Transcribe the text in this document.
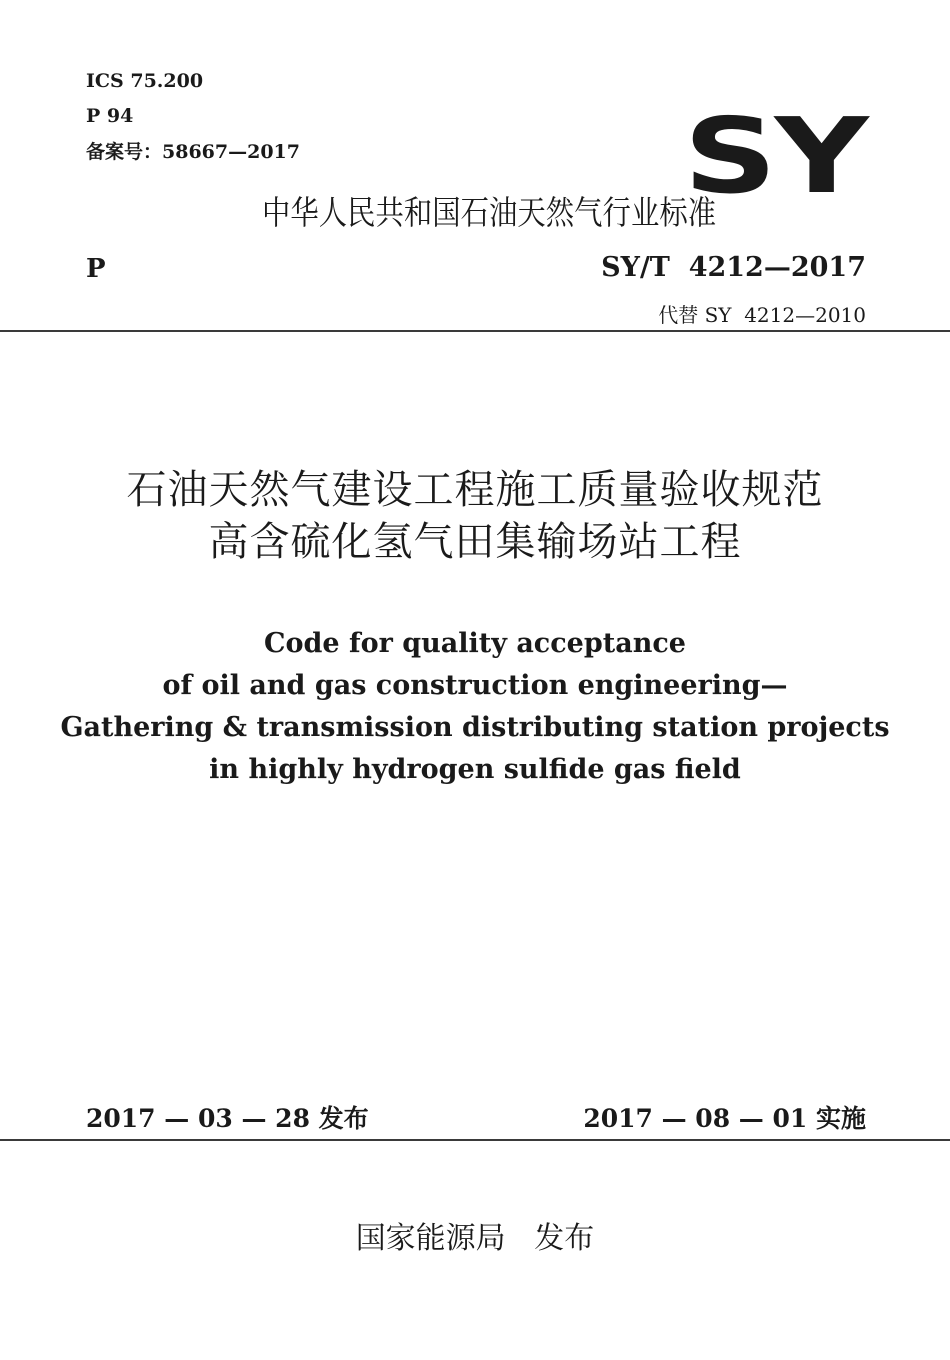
ICS 75.200
P 94
备案号：58667—2017	SY
中华人民共和国石油天然气行业标准
P	SY/T  4212—2017
代替 SY  4212—2010
石油天然气建设工程施工质量验收规范
高含硫化氢气田集输场站工程
Code for quality acceptance
of oil and gas construction engineering—
Gathering & transmission distributing station projects
in highly hydrogen sulfide gas field
2017 — 03 — 28 发布	2017 — 08 — 01 实施
国家能源局   发布
